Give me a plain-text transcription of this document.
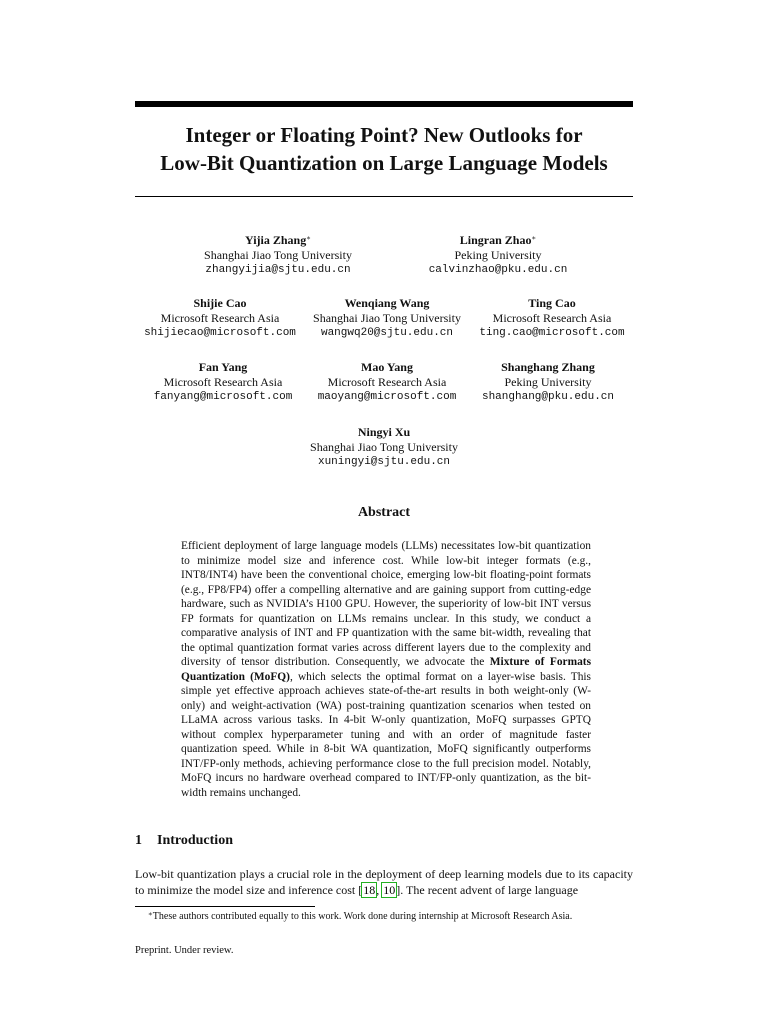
Integer or Floating Point? New Outlooks for
Low-Bit Quantization on Large Language Models
Yijia Zhang∗
Shanghai Jiao Tong University
zhangyijia@sjtu.edu.cn
Lingran Zhao∗
Peking University
calvinzhao@pku.edu.cn
Shijie Cao
Microsoft Research Asia
shijiecao@microsoft.com
Wenqiang Wang
Shanghai Jiao Tong University
wangwq20@sjtu.edu.cn
Ting Cao
Microsoft Research Asia
ting.cao@microsoft.com
Fan Yang
Microsoft Research Asia
fanyang@microsoft.com
Mao Yang
Microsoft Research Asia
maoyang@microsoft.com
Shanghang Zhang
Peking University
shanghang@pku.edu.cn
Ningyi Xu
Shanghai Jiao Tong University
xuningyi@sjtu.edu.cn
Abstract
Efficient deployment of large language models (LLMs) necessitates low-bit quantization to minimize model size and inference cost. While low-bit integer formats (e.g., INT8/INT4) have been the conventional choice, emerging low-bit floating-point formats (e.g., FP8/FP4) offer a compelling alternative and are gaining support from cutting-edge hardware, such as NVIDIA’s H100 GPU. However, the superiority of low-bit INT versus FP formats for quantization on LLMs remains unclear. In this study, we conduct a comparative analysis of INT and FP quantization with the same bit-width, revealing that the optimal quantization format varies across different layers due to the complexity and diversity of tensor distribution. Consequently, we advocate the Mixture of Formats Quantization (MoFQ), which selects the optimal format on a layer-wise basis. This simple yet effective approach achieves state-of-the-art results in both weight-only (W-only) and weight-activation (WA) post-training quantization scenarios when tested on LLaMA across various tasks. In 4-bit W-only quantization, MoFQ surpasses GPTQ without complex hyperparameter tuning and with an order of magnitude faster quantization speed. While in 8-bit WA quantization, MoFQ significantly outperforms INT/FP-only methods, achieving performance close to the full precision model. Notably, MoFQ incurs no hardware overhead compared to INT/FP-only quantization, as the bit-width remains unchanged.
1 Introduction
Low-bit quantization plays a crucial role in the deployment of deep learning models due to its capacity to minimize the model size and inference cost [18, 10]. The recent advent of large language
∗These authors contributed equally to this work. Work done during internship at Microsoft Research Asia.
Preprint. Under review.
